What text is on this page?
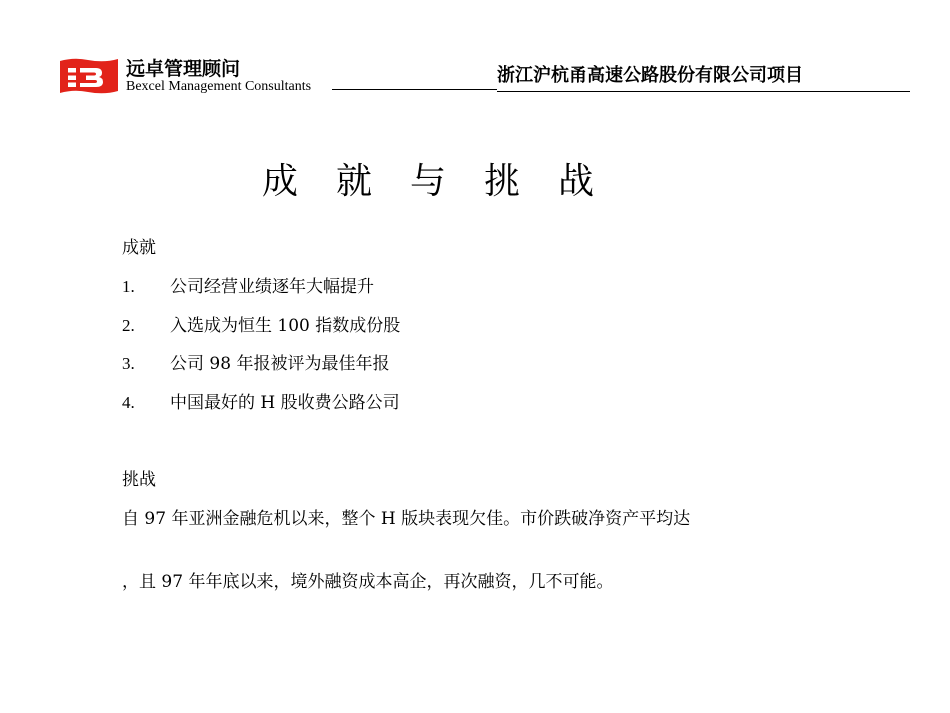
远卓管理顾问
Bexcel Management Consultants
浙江沪杭甬高速公路股份有限公司项目
成就与挑战
成就
1. 公司经营业绩逐年大幅提升
2. 入选成为恒生 100 指数成份股
3. 公司 98 年报被评为最佳年报
4. 中国最好的 H 股收费公路公司
挑战
自 97 年亚洲金融危机以来，整个 H 版块表现欠佳。市价跌破净资产平均达
，且 97 年年底以来，境外融资成本高企，再次融资，几不可能。
